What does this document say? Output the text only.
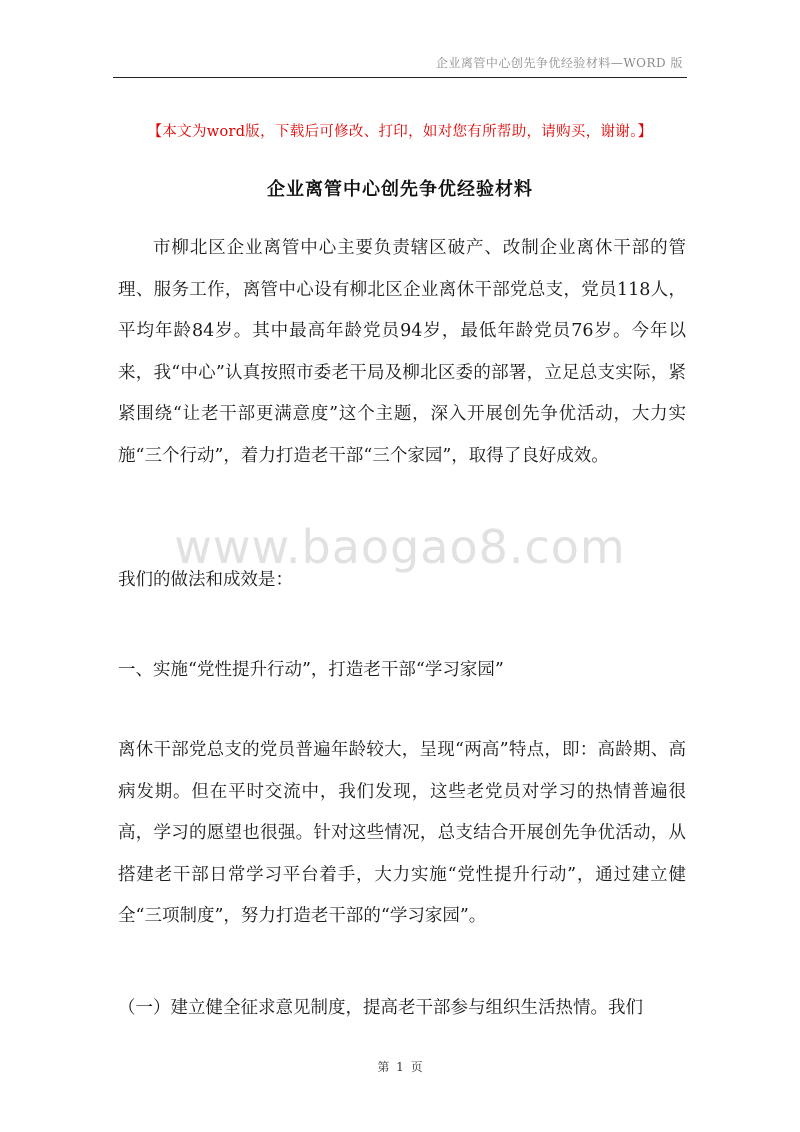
企业离管中心创先争优经验材料—WORD 版
【本文为word版，下载后可修改、打印，如对您有所帮助，请购买，谢谢。】
企业离管中心创先争优经验材料

市柳北区企业离管中心主要负责辖区破产、改制企业离休干部的管理、服务工作，离管中心设有柳北区企业离休干部党总支，党员118人，平均年龄84岁。其中最高年龄党员94岁，最低年龄党员76岁。今年以来，我“中心”认真按照市委老干局及柳北区委的部署，立足总支实际，紧紧围绕“让老干部更满意度”这个主题，深入开展创先争优活动，大力实施“三个行动”，着力打造老干部“三个家园”，取得了良好成效。

www.baogao8.com

我们的做法和成效是：

一、实施“党性提升行动”，打造老干部“学习家园”

离休干部党总支的党员普遍年龄较大，呈现“两高”特点，即：高龄期、高病发期。但在平时交流中，我们发现，这些老党员对学习的热情普遍很高，学习的愿望也很强。针对这些情况，总支结合开展创先争优活动，从搭建老干部日常学习平台着手，大力实施“党性提升行动”，通过建立健全“三项制度”，努力打造老干部的“学习家园”。

（一）建立健全征求意见制度，提高老干部参与组织生活热情。我们

第 1 页
